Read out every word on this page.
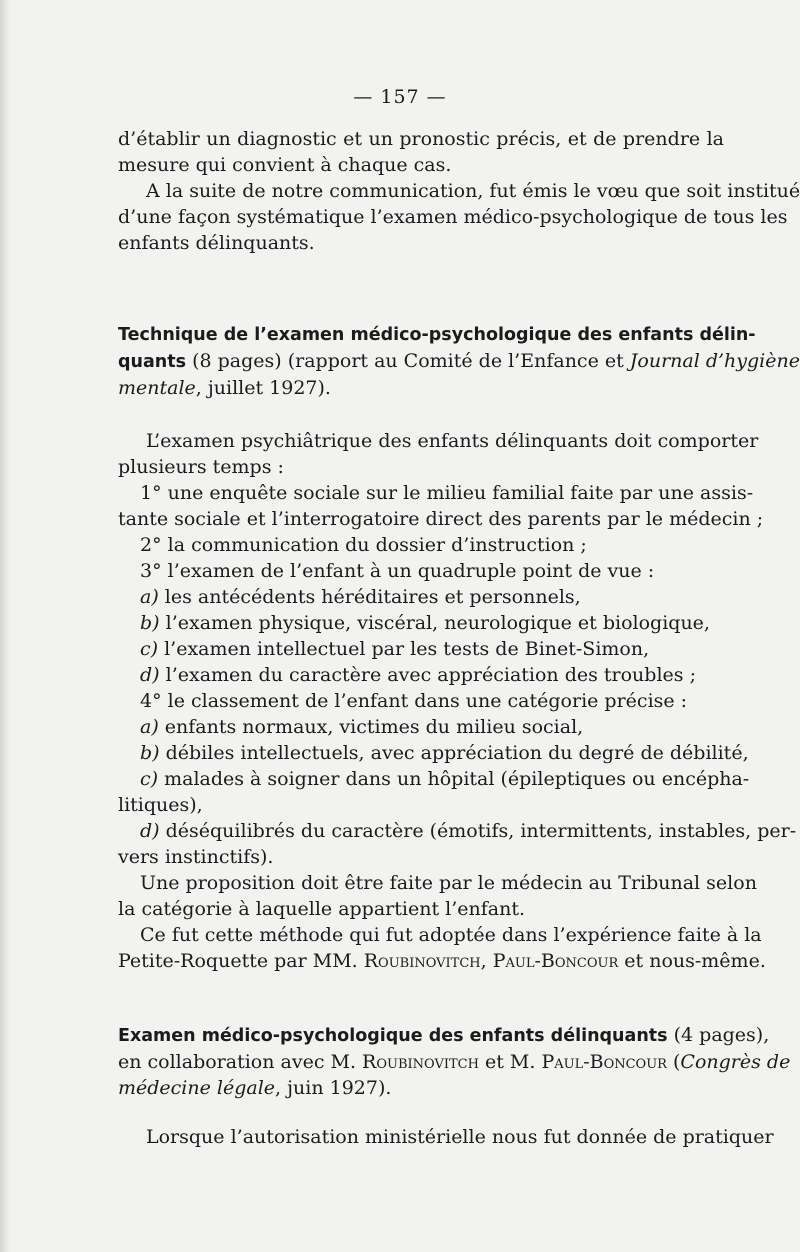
— 157 —
d’établir un diagnostic et un pronostic précis, et de prendre la
mesure qui convient à chaque cas.
A la suite de notre communication, fut émis le vœu que soit institué
d’une façon systématique l’examen médico-psychologique de tous les
enfants délinquants.
Technique de l’examen médico-psychologique des enfants délin-
quants (8 pages) (rapport au Comité de l’Enfance et Journal d’hygiène
mentale, juillet 1927).
L’examen psychiâtrique des enfants délinquants doit comporter
plusieurs temps :
1° une enquête sociale sur le milieu familial faite par une assis-
tante sociale et l’interrogatoire direct des parents par le médecin ;
2° la communication du dossier d’instruction ;
3° l’examen de l’enfant à un quadruple point de vue :
a) les antécédents héréditaires et personnels,
b) l’examen physique, viscéral, neurologique et biologique,
c) l’examen intellectuel par les tests de Binet-Simon,
d) l’examen du caractère avec appréciation des troubles ;
4° le classement de l’enfant dans une catégorie précise :
a) enfants normaux, victimes du milieu social,
b) débiles intellectuels, avec appréciation du degré de débilité,
c) malades à soigner dans un hôpital (épileptiques ou encépha-
litiques),
d) déséquilibrés du caractère (émotifs, intermittents, instables, per-
vers instinctifs).
Une proposition doit être faite par le médecin au Tribunal selon
la catégorie à laquelle appartient l’enfant.
Ce fut cette méthode qui fut adoptée dans l’expérience faite à la
Petite-Roquette par MM. Roubinovitch, Paul-Boncour et nous-même.
Examen médico-psychologique des enfants délinquants (4 pages),
en collaboration avec M. Roubinovitch et M. Paul-Boncour (Congrès de
médecine légale, juin 1927).
Lorsque l’autorisation ministérielle nous fut donnée de pratiquer
